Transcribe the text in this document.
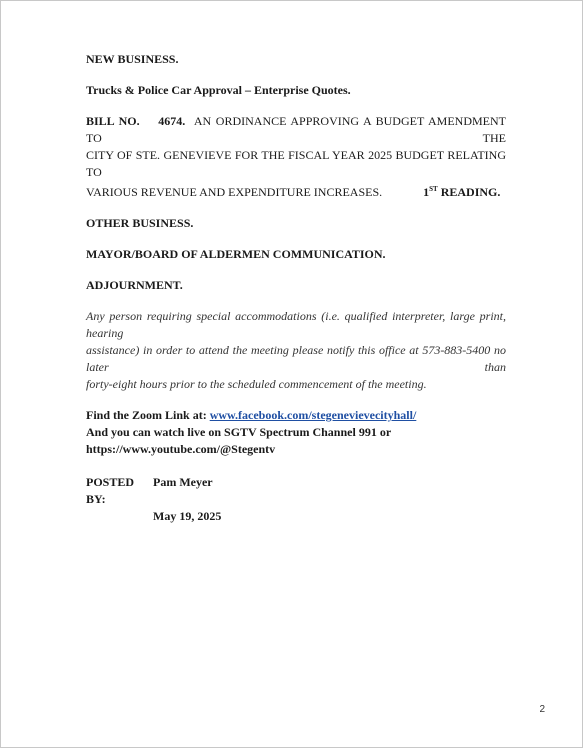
NEW BUSINESS.

Trucks & Police Car Approval – Enterprise Quotes.

BILL NO. 4674. AN ORDINANCE APPROVING A BUDGET AMENDMENT TO THE

CITY OF STE. GENEVIEVE FOR THE FISCAL YEAR 2025 BUDGET RELATING TO

VARIOUS REVENUE AND EXPENDITURE INCREASES.	1ST READING.

OTHER BUSINESS.

MAYOR/BOARD OF ALDERMEN COMMUNICATION.

ADJOURNMENT.

Any person requiring special accommodations (i.e. qualified interpreter, large print, hearing

assistance) in order to attend the meeting please notify this office at 573-883-5400 no later than

forty-eight hours prior to the scheduled commencement of the meeting.

Find the Zoom Link at: www.facebook.com/stegenevievecityhall/

And you can watch live on SGTV Spectrum Channel 991 or

https://www.youtube.com/@Stegentv

POSTED BY:
Pam Meyer
May 19, 2025
2
